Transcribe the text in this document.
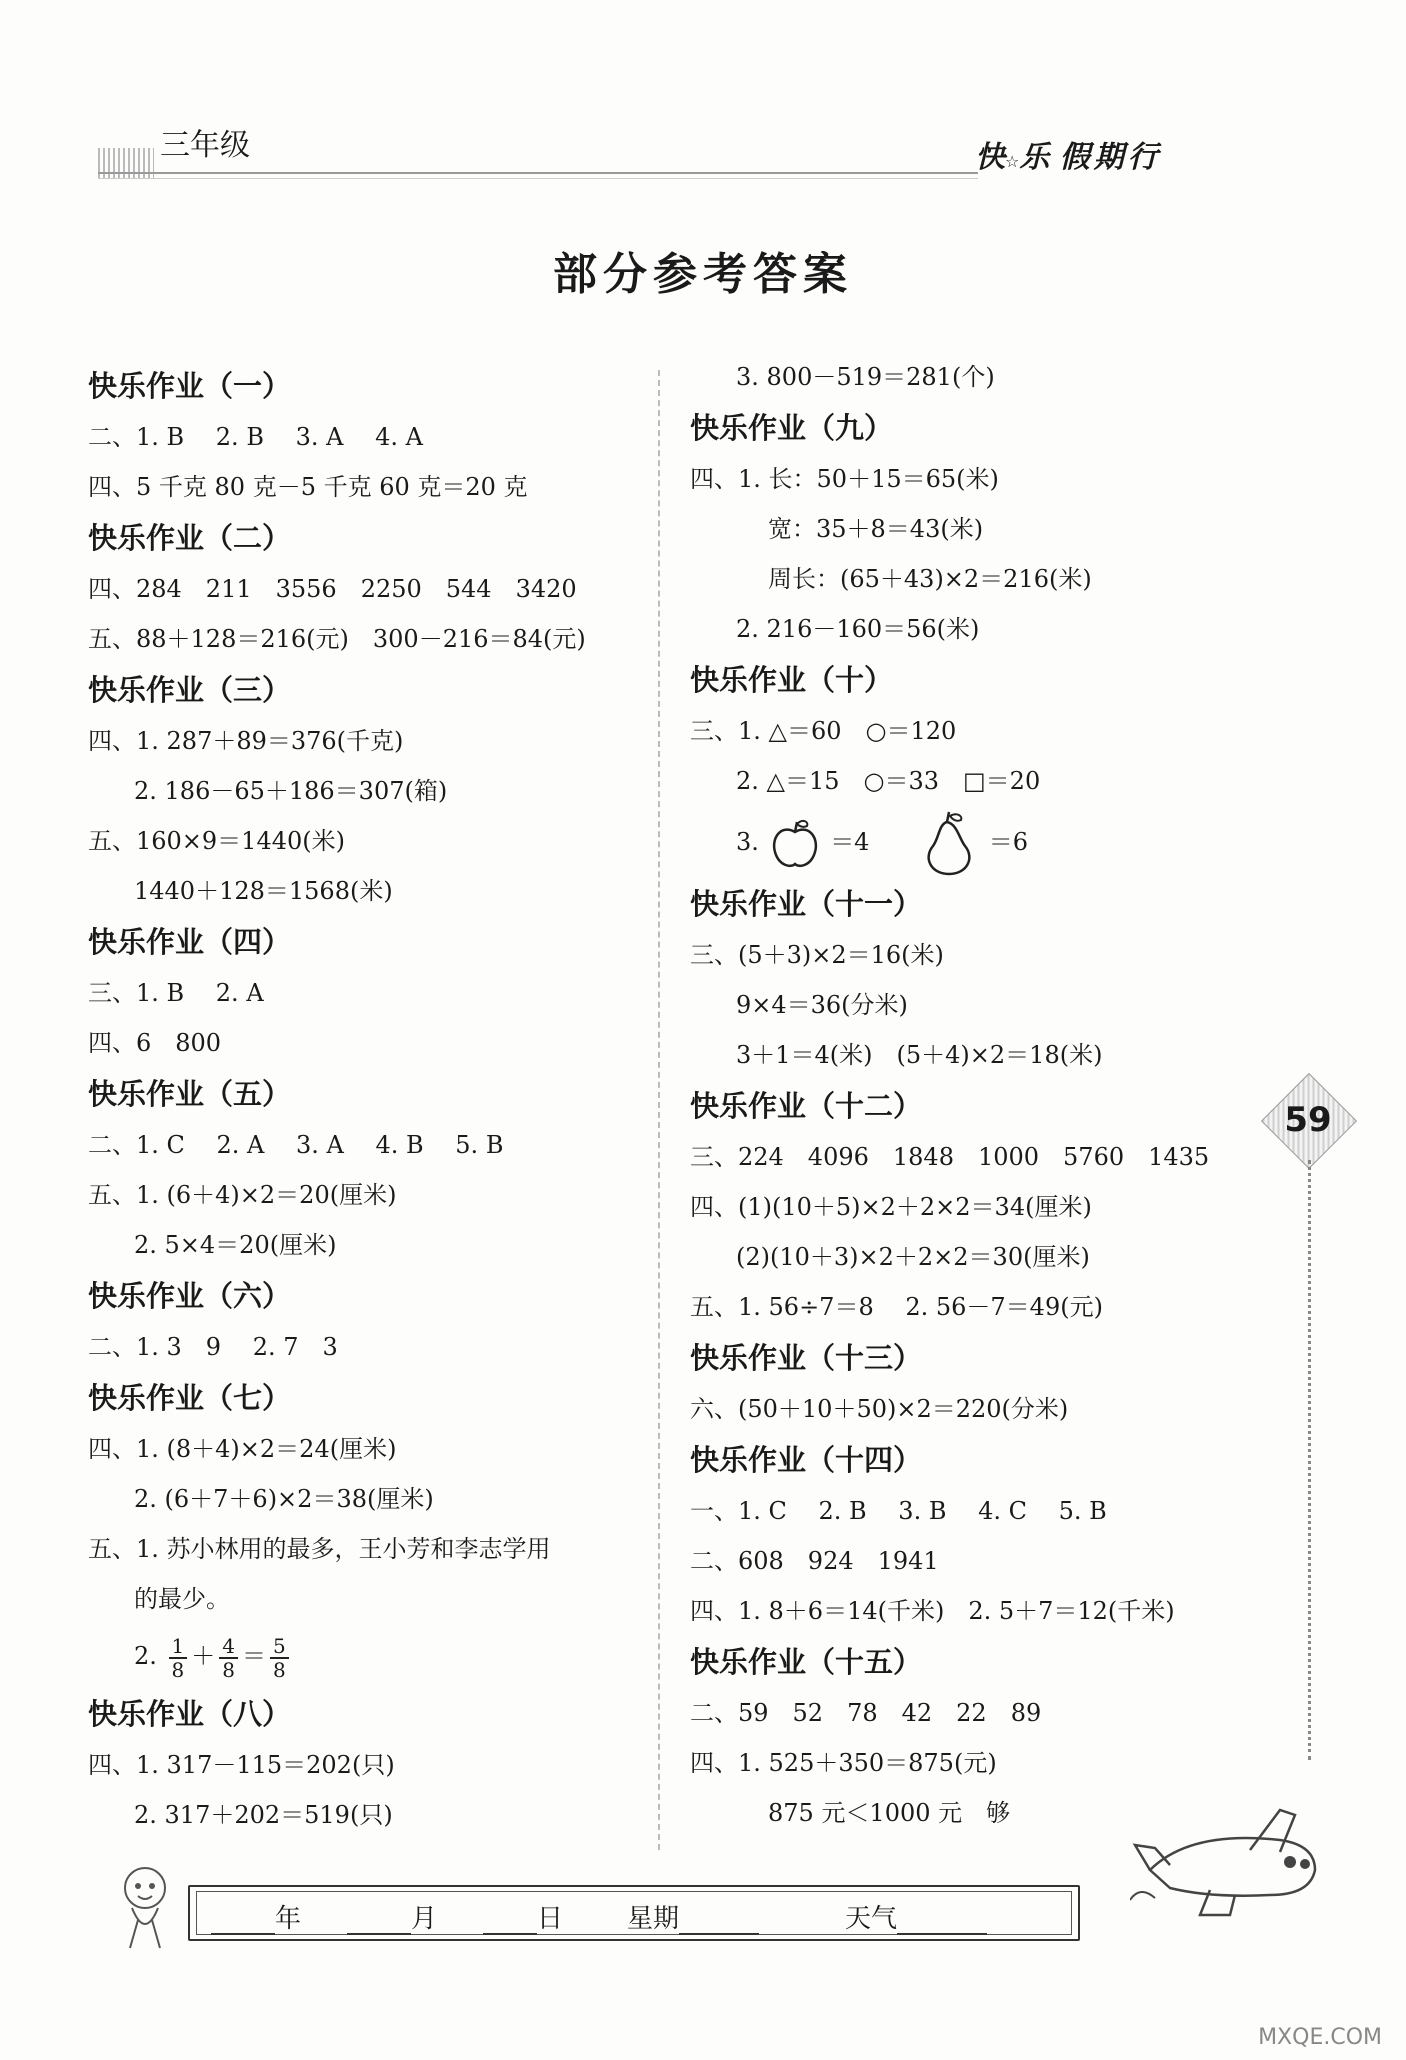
三年级	快☆乐 假期行
部分参考答案
快乐作业（一）
二、1. B　 2. B　 3. A　 4. A
四、5 千克 80 克－5 千克 60 克＝20 克
快乐作业（二）
四、284　211　3556　2250　544　3420
五、88＋128＝216(元)　300－216＝84(元)
快乐作业（三）
四、1. 287＋89＝376(千克)
2. 186－65＋186＝307(箱)
五、160×9＝1440(米)
1440＋128＝1568(米)
快乐作业（四）
三、1. B　 2. A
四、6　800
快乐作业（五）
二、1. C　 2. A　 3. A　 4. B　 5. B
五、1. (6＋4)×2＝20(厘米)
2. 5×4＝20(厘米)
快乐作业（六）
二、1. 3　9　 2. 7　3
快乐作业（七）
四、1. (8＋4)×2＝24(厘米)
2. (6＋7＋6)×2＝38(厘米)
五、1. 苏小林用的最多，王小芳和李志学用
的最少。
2. $\frac{1}{8} + \frac{4}{8} = \frac{5}{8}$
快乐作业（八）
四、1. 317－115＝202(只)
2. 317＋202＝519(只)
3. 800－519＝281(个)
快乐作业（九）
四、1. 长：50＋15＝65(米)
宽：35＋8＝43(米)
周长：(65＋43)×2＝216(米)
2. 216－160＝56(米)
快乐作业（十）
三、1. △＝60　○＝120
2. △＝15　○＝33　□＝20
3.	＝4	＝6
快乐作业（十一）
三、(5＋3)×2＝16(米)
9×4＝36(分米)
3＋1＝4(米)　(5＋4)×2＝18(米)
快乐作业（十二）
三、224　4096　1848　1000　5760　1435
四、(1)(10＋5)×2＋2×2＝34(厘米)
(2)(10＋3)×2＋2×2＝30(厘米)
五、1. 56÷7＝8　 2. 56－7＝49(元)
快乐作业（十三）
六、(50＋10＋50)×2＝220(分米)
快乐作业（十四）
一、1. C　 2. B　 3. B　 4. C　 5. B
二、608　924　1941
四、1. 8＋6＝14(千米)　2. 5＋7＝12(千米)
快乐作业（十五）
二、59　52　78　42　22　89
四、1. 525＋350＝875(元)
875 元＜1000 元　够
59
年	月	日 星期	天气
MXQE.COM
